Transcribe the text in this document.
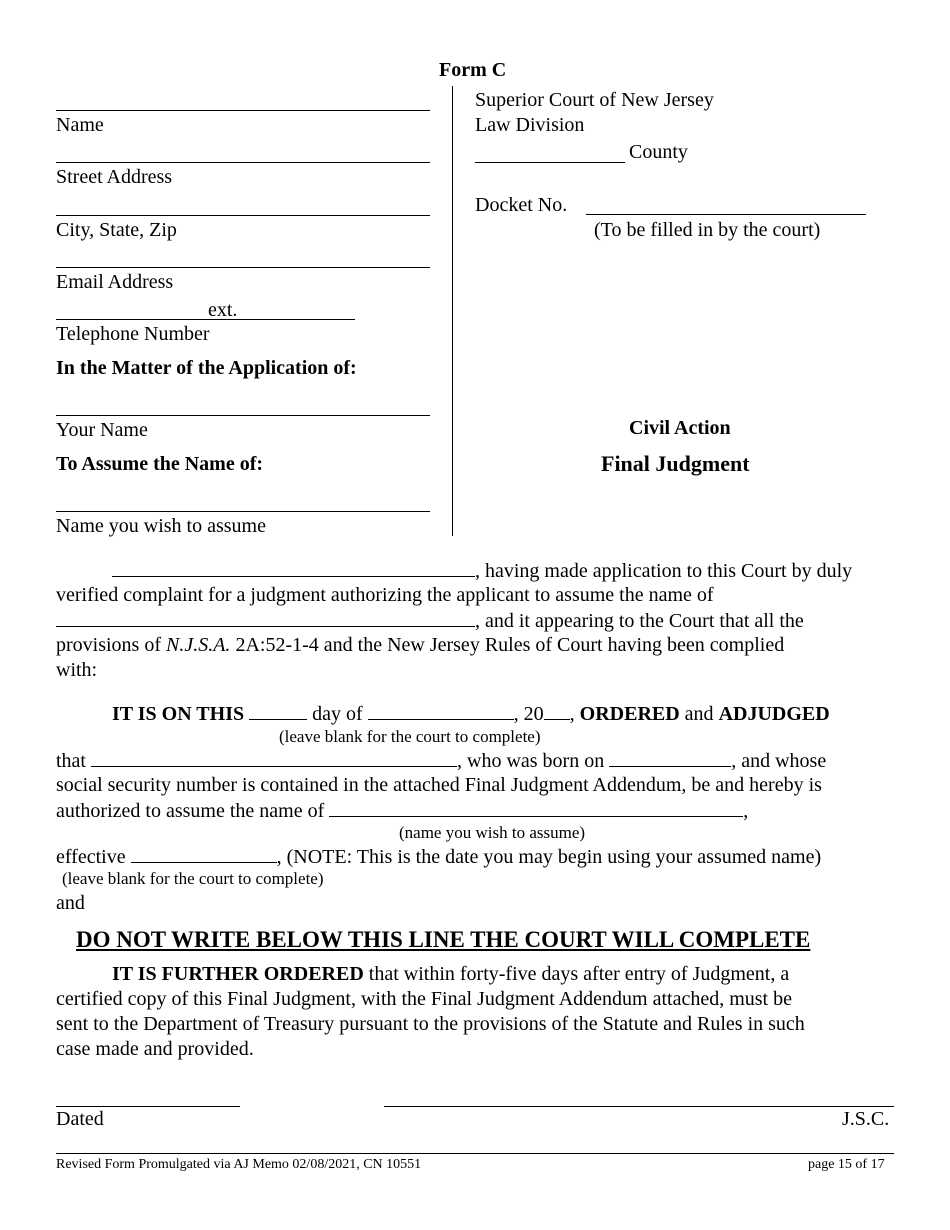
Form C
Name
Street Address
City, State, Zip
Email Address
ext.
Telephone Number
In the Matter of the Application of:
Your Name
To Assume the Name of:
Name you wish to assume
Superior Court of New Jersey
Law Division
County
Docket No.
(To be filled in by the court)
Civil Action
Final Judgment
, having made application to this Court by duly
verified complaint for a judgment authorizing the applicant to assume the name of
, and it appearing to the Court that all the
provisions of N.J.S.A. 2A:52-1-4 and the New Jersey Rules of Court having been complied
with:
IT IS ON THIS	day of	, 20 , ORDERED and ADJUDGED
(leave blank for the court to complete)
that	, who was born on	, and whose
social security number is contained in the attached Final Judgment Addendum, be and hereby is
authorized to assume the name of	,
(name you wish to assume)
effective	, (NOTE: This is the date you may begin using your assumed name)
(leave blank for the court to complete)
and
DO NOT WRITE BELOW THIS LINE THE COURT WILL COMPLETE
IT IS FURTHER ORDERED that within forty-five days after entry of Judgment, a
certified copy of this Final Judgment, with the Final Judgment Addendum attached, must be
sent to the Department of Treasury pursuant to the provisions of the Statute and Rules in such
case made and provided.
Dated	J.S.C.
Revised Form Promulgated via AJ Memo 02/08/2021, CN 10551	page 15 of 17
